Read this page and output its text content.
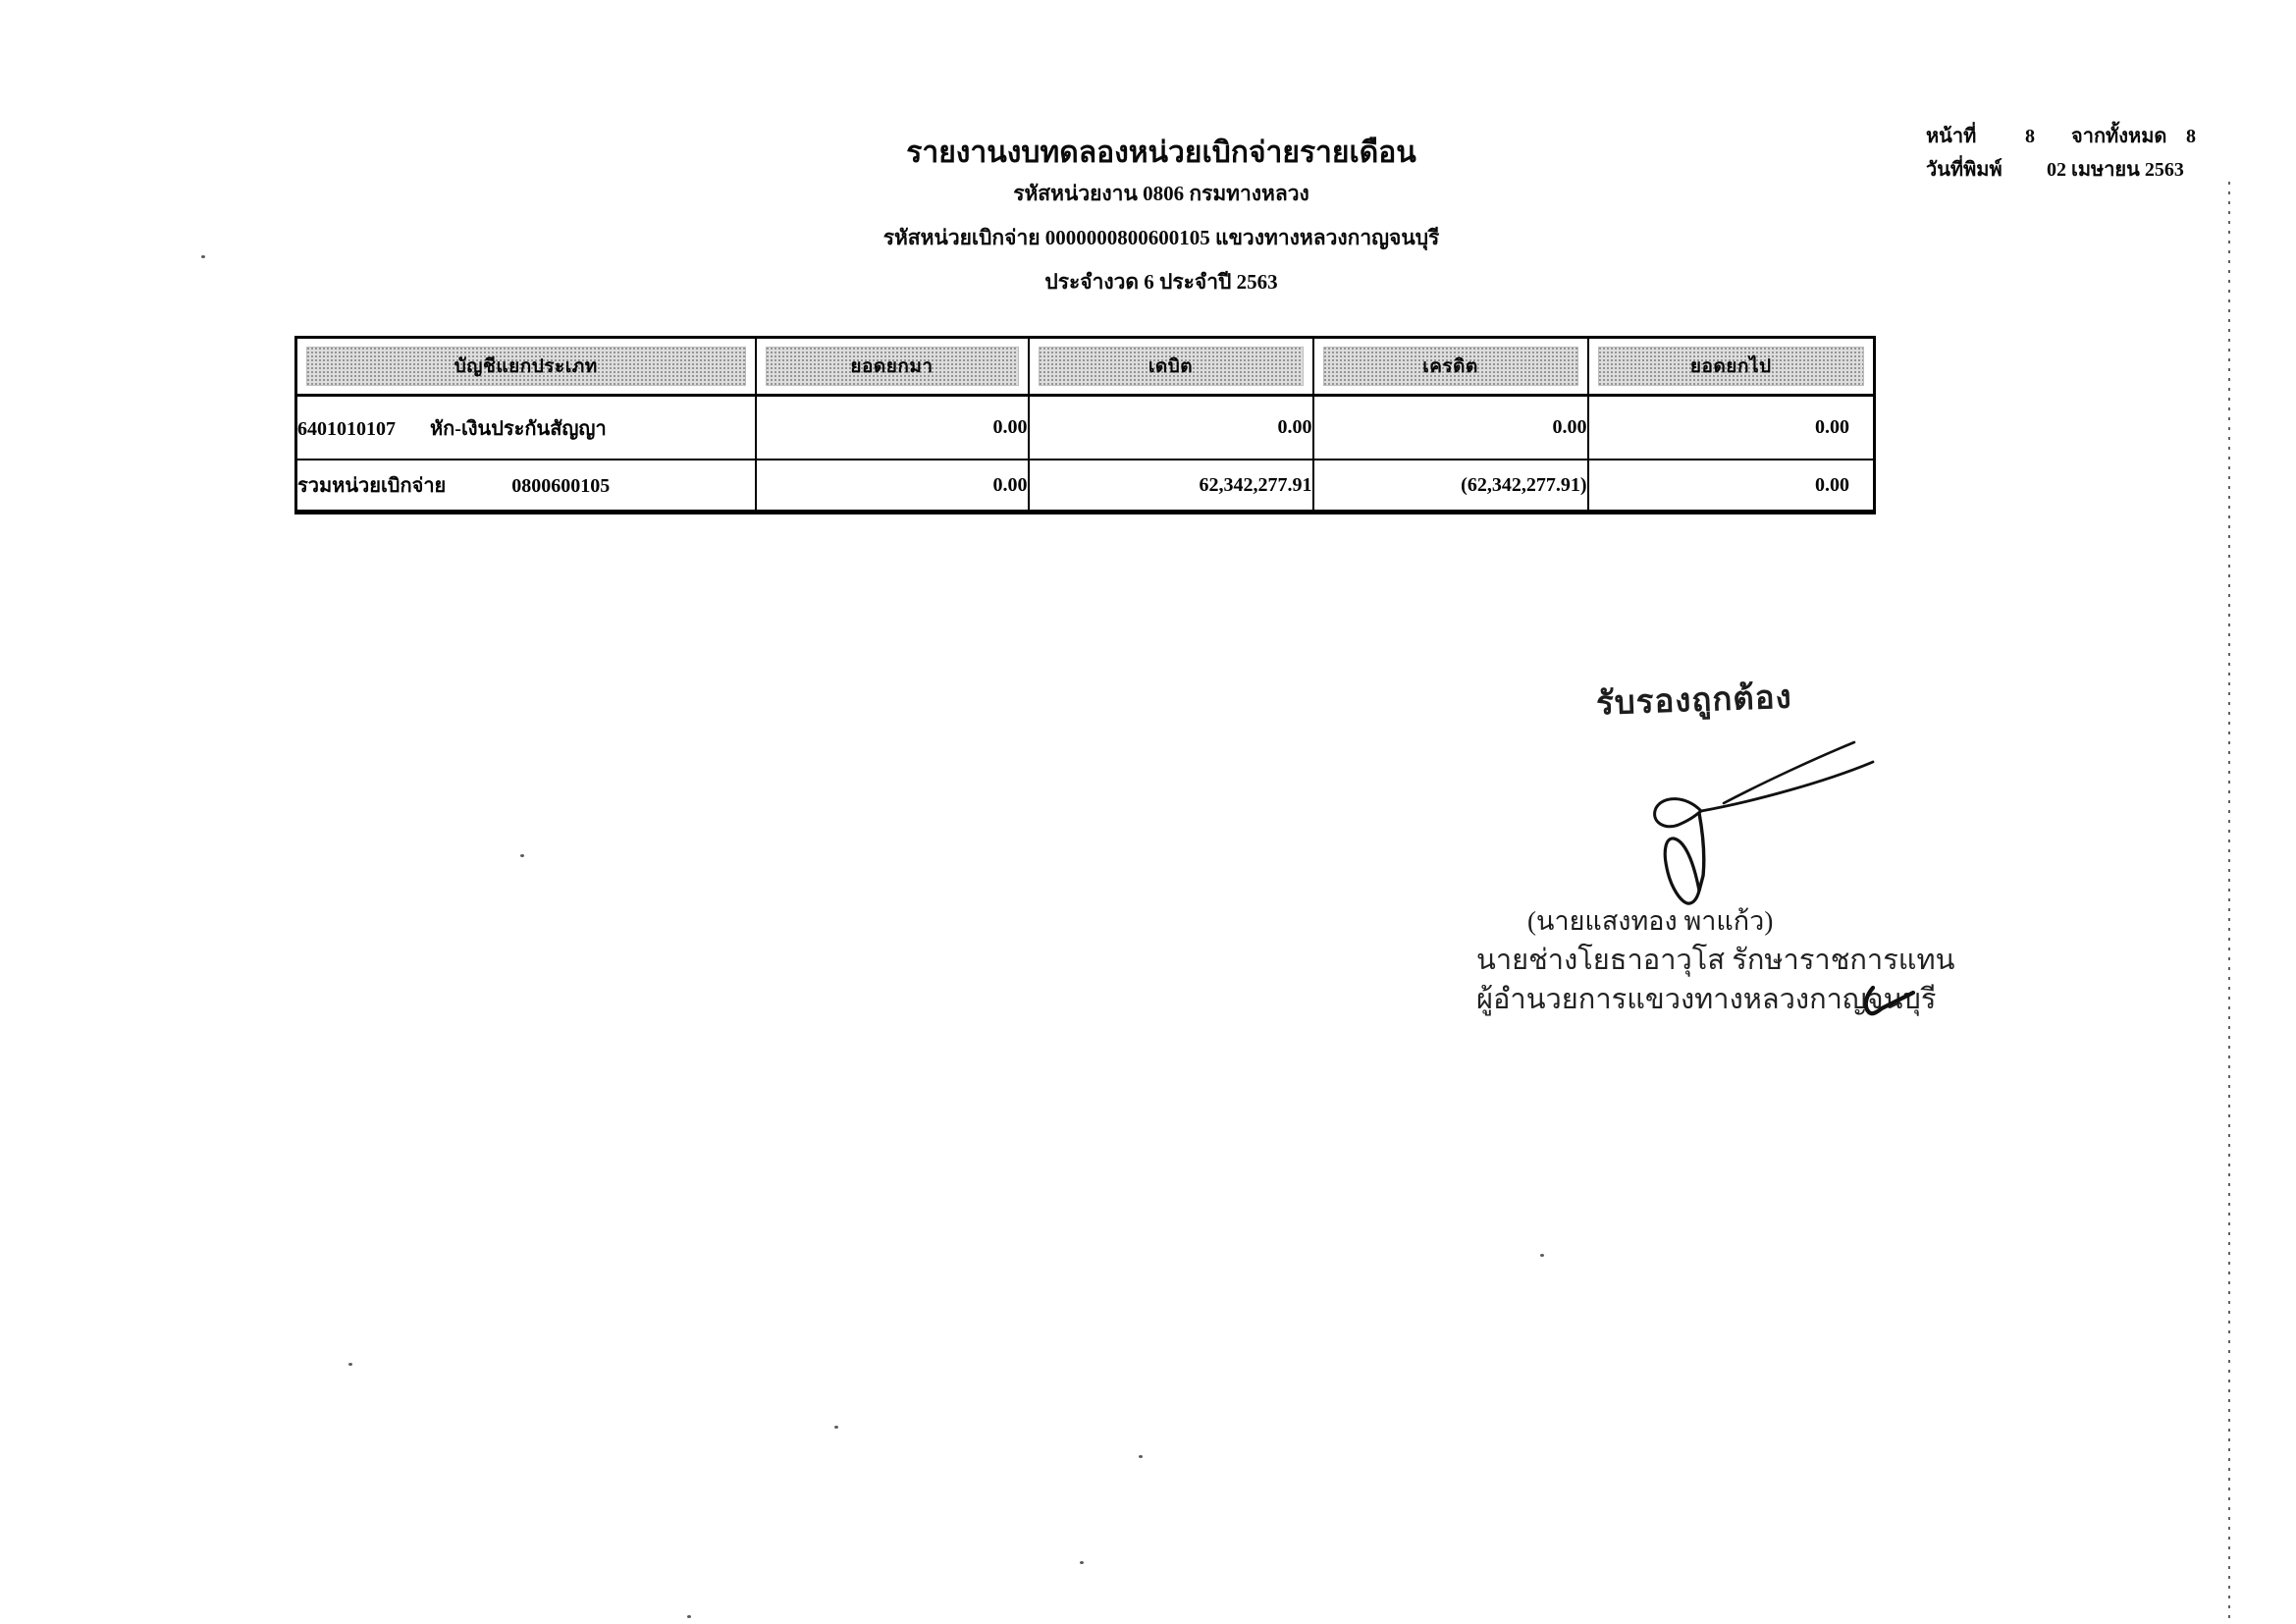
รายงานงบทดลองหน่วยเบิกจ่ายรายเดือน
รหัสหน่วยงาน 0806 กรมทางหลวง
รหัสหน่วยเบิกจ่าย 0000000800600105 แขวงทางหลวงกาญจนบุรี
ประจำงวด 6 ประจำปี 2563
หน้าที่ 8 จากทั้งหมด 8
วันที่พิมพ์ 02 เมษายน 2563
บัญชีแยกประเภท	ยอดยกมา	เดบิต	เครดิต	ยอดยกไป

6401010107 หัก-เงินประกันสัญญา	0.00	0.00	0.00	0.00
รวมหน่วยเบิกจ่าย 0800600105	0.00	62,342,277.91	(62,342,277.91)	0.00
รับรองถูกต้อง
(นายแสงทอง พาแก้ว)
นายช่างโยธาอาวุโส รักษาราชการแทน
ผู้อำนวยการแขวงทางหลวงกาญจนบุรี
